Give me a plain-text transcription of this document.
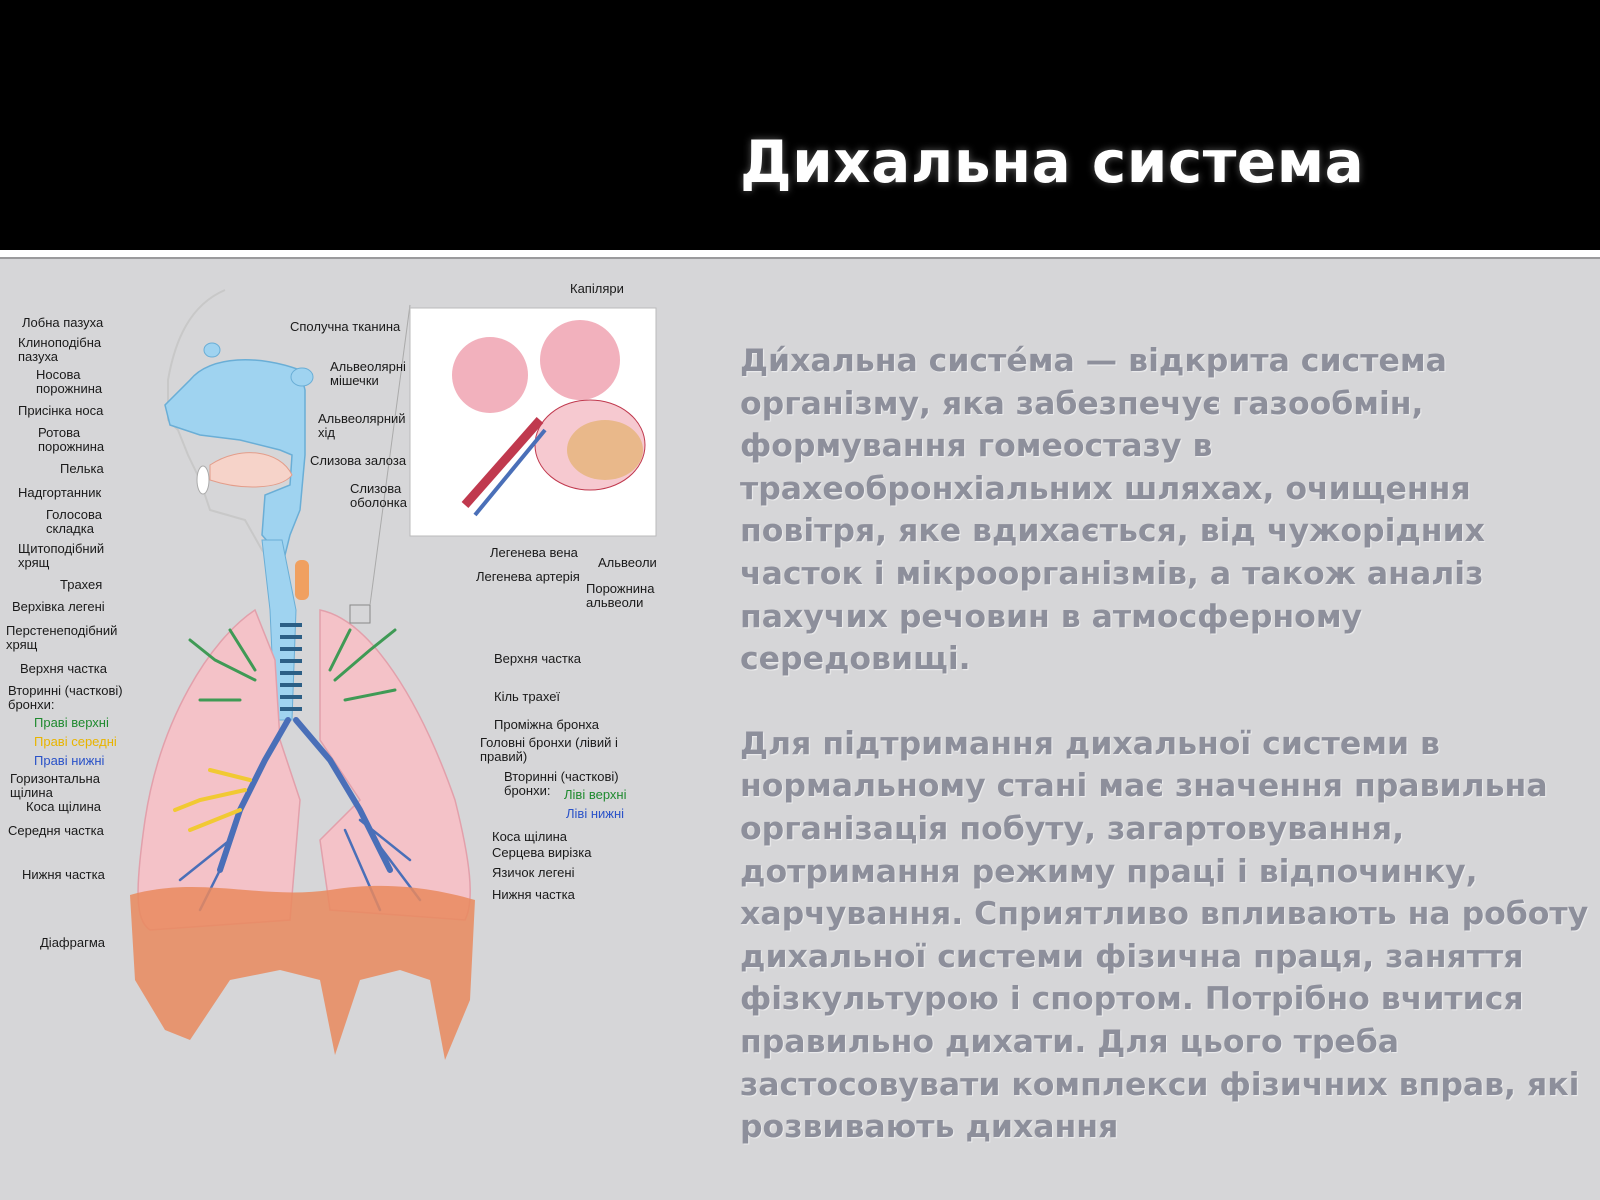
Дихальна система
Лобна пазуха
Клиноподібна пазуха
Носова порожнина
Присінка носа
Ротова порожнина
Пелька
Надгортанник
Голосова складка
Щитоподібний хрящ
Трахея
Верхівка легені
Перстенеподібний хрящ
Верхня частка
Вторинні (часткові) бронхи:
Праві верхні
Праві середні
Праві нижні
Горизонтальна щілина
Коса щілина
Середня частка
Нижня частка
Діафрагма
Капіляри
Сполучна тканина
Альвеолярні мішечки
Альвеолярний хід
Слизова залоза
Слизова оболонка
Легенева вена
Легенева артерія
Альвеоли
Порожнина альвеоли
Верхня частка
Кіль трахеї
Проміжна бронха
Головні бронхи (лівий і правий)
Вторинні (часткові) бронхи:	Ліві верхні
Ліві нижні
Коса щілина
Серцева вирізка
Язичок легені
Нижня частка

Ди́хальна систе́ма — відкрита система організму, яка забезпечує газообмін, формування гомеостазу в трахеобронхіальних шляхах, очищення повітря, яке вдихається, від чужорідних часток і мікроорганізмів, а також аналіз пахучих речовин в атмосферному середовищі.

Для підтримання дихальної системи в нормальному стані має значення правильна організація побуту, загартовування, дотримання режиму праці і відпочинку, харчування. Сприятливо впливають на роботу дихальної системи фізична праця, заняття фізкультурою і спортом. Потрібно вчитися правильно дихати. Для цього треба застосовувати комплекси фізичних вправ, які розвивають дихання
